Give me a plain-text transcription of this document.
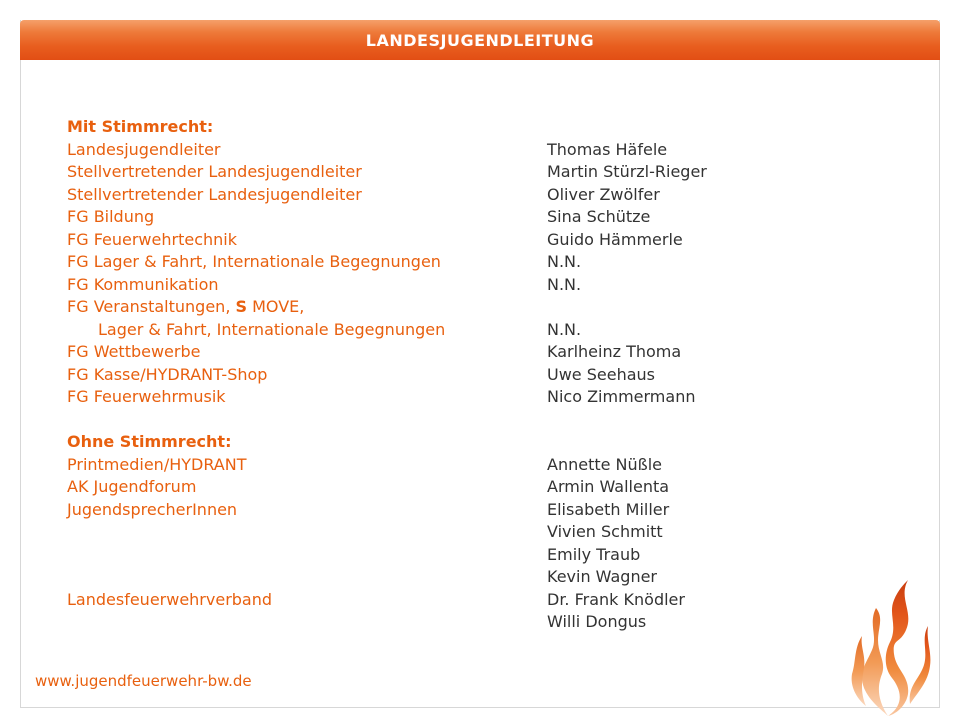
LANDESJUGENDLEITUNG
Mit Stimmrecht:
Landesjugendleiter	Thomas Häfele
Stellvertretender Landesjugendleiter	Martin Stürzl-Rieger
Stellvertretender Landesjugendleiter	Oliver Zwölfer
FG Bildung	Sina Schütze
FG Feuerwehrtechnik	Guido Hämmerle
FG Lager & Fahrt, Internationale Begegnungen	N.N.
FG Kommunikation	N.N.
FG Veranstaltungen, S MOVE,
Lager & Fahrt, Internationale Begegnungen	N.N.
FG Wettbewerbe	Karlheinz Thoma
FG Kasse/HYDRANT-Shop	Uwe Seehaus
FG Feuerwehrmusik	Nico Zimmermann
Ohne Stimmrecht:
Printmedien/HYDRANT	Annette Nüßle
AK Jugendforum	Armin Wallenta
JugendsprecherInnen	Elisabeth Miller
Vivien Schmitt
Emily Traub
Kevin Wagner
Landesfeuerwehrverband	Dr. Frank Knödler
Willi Dongus
www.jugendfeuerwehr-bw.de
